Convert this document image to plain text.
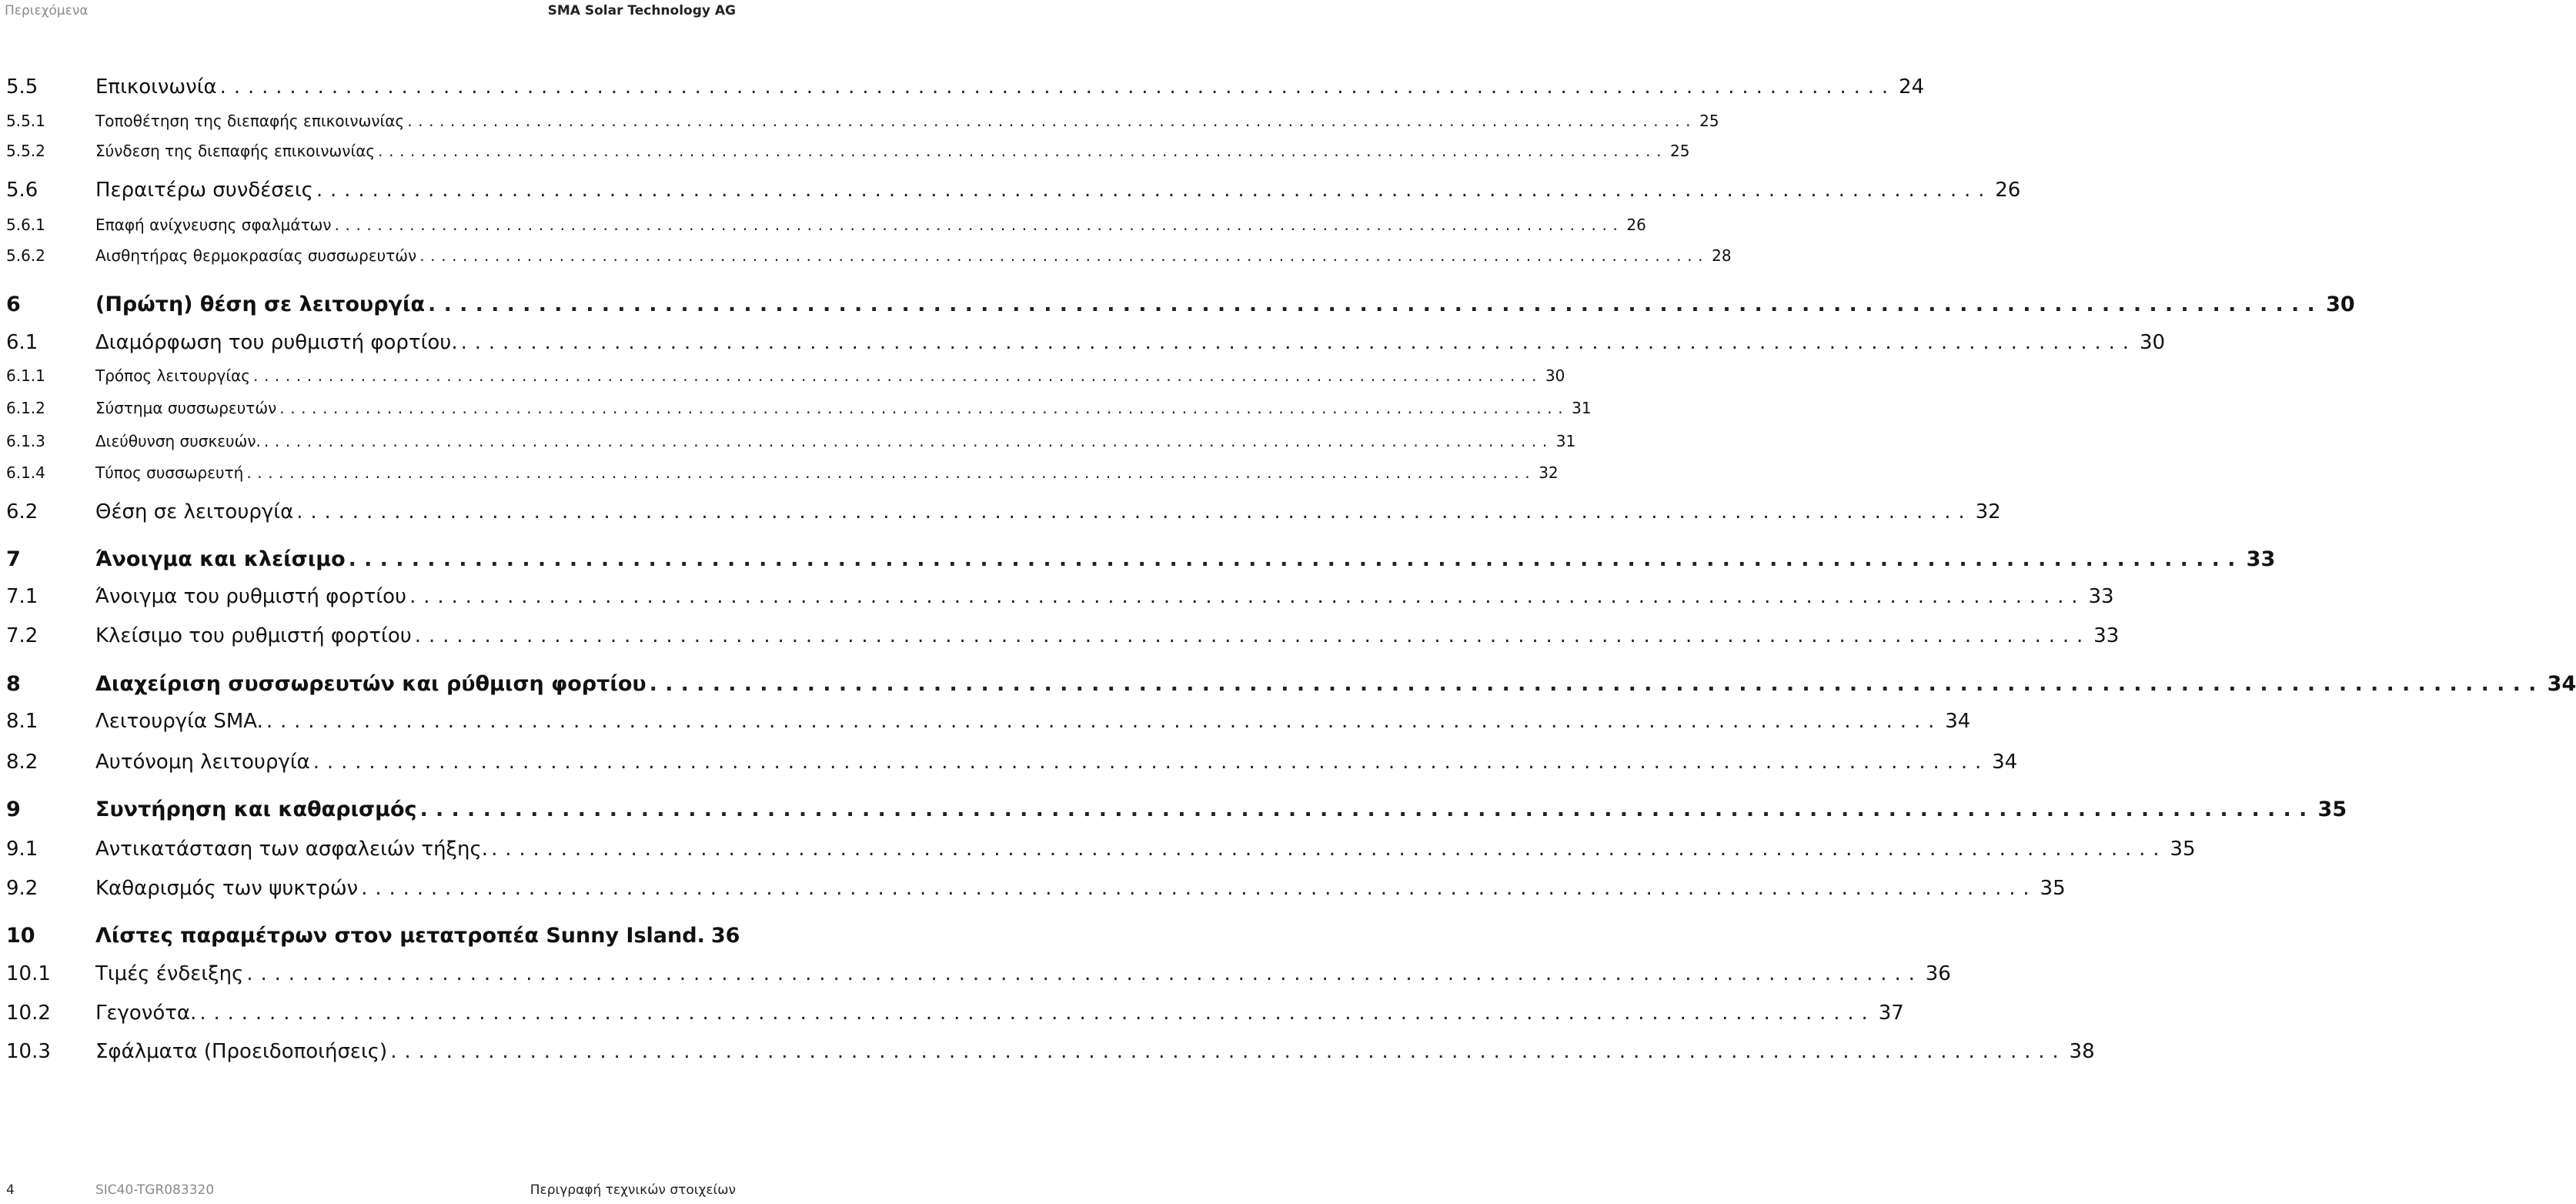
Περιεχόμενα	SMA Solar Technology AG
5.5	Επικοινωνία ........................................................................................................................ 24
5.5.1	Τοποθέτηση της διεπαφής επικοινωνίας ........................................................................................................................ 25
5.5.2	Σύνδεση της διεπαφής επικοινωνίας ........................................................................................................................ 25
5.6	Περαιτέρω συνδέσεις ........................................................................................................................ 26
5.6.1	Επαφή ανίχνευσης σφαλμάτων ........................................................................................................................ 26
5.6.2	Αισθητήρας θερμοκρασίας συσσωρευτών ........................................................................................................................ 28
6	(Πρώτη) θέση σε λειτουργία ........................................................................................................................ 30
6.1	Διαμόρφωση του ρυθμιστή φορτίου. ........................................................................................................................ 30
6.1.1	Τρόπος λειτουργίας ........................................................................................................................ 30
6.1.2	Σύστημα συσσωρευτών ........................................................................................................................ 31
6.1.3	Διεύθυνση συσκευών. ........................................................................................................................ 31
6.1.4	Τύπος συσσωρευτή ........................................................................................................................ 32
6.2	Θέση σε λειτουργία ........................................................................................................................ 32
7	Άνοιγμα και κλείσιμο ........................................................................................................................ 33
7.1	Άνοιγμα του ρυθμιστή φορτίου ........................................................................................................................ 33
7.2	Κλείσιμο του ρυθμιστή φορτίου ........................................................................................................................ 33
8	Διαχείριση συσσωρευτών και ρύθμιση φορτίου ........................................................................................................................ 34
8.1	Λειτουργία SMA. ........................................................................................................................ 34
8.2	Αυτόνομη λειτουργία ........................................................................................................................ 34
9	Συντήρηση και καθαρισμός ........................................................................................................................ 35
9.1	Αντικατάσταση των ασφαλειών τήξης. ........................................................................................................................ 35
9.2	Καθαρισμός των ψυκτρών ........................................................................................................................ 35
10	Λίστες παραμέτρων στον μετατροπέα Sunny Island. 36
10.1	Τιμές ένδειξης ........................................................................................................................ 36
10.2	Γεγονότα. ........................................................................................................................ 37
10.3	Σφάλματα (Προειδοποιήσεις) ........................................................................................................................ 38
4	SIC40-TGR083320	Περιγραφή τεχνικών στοιχείων
